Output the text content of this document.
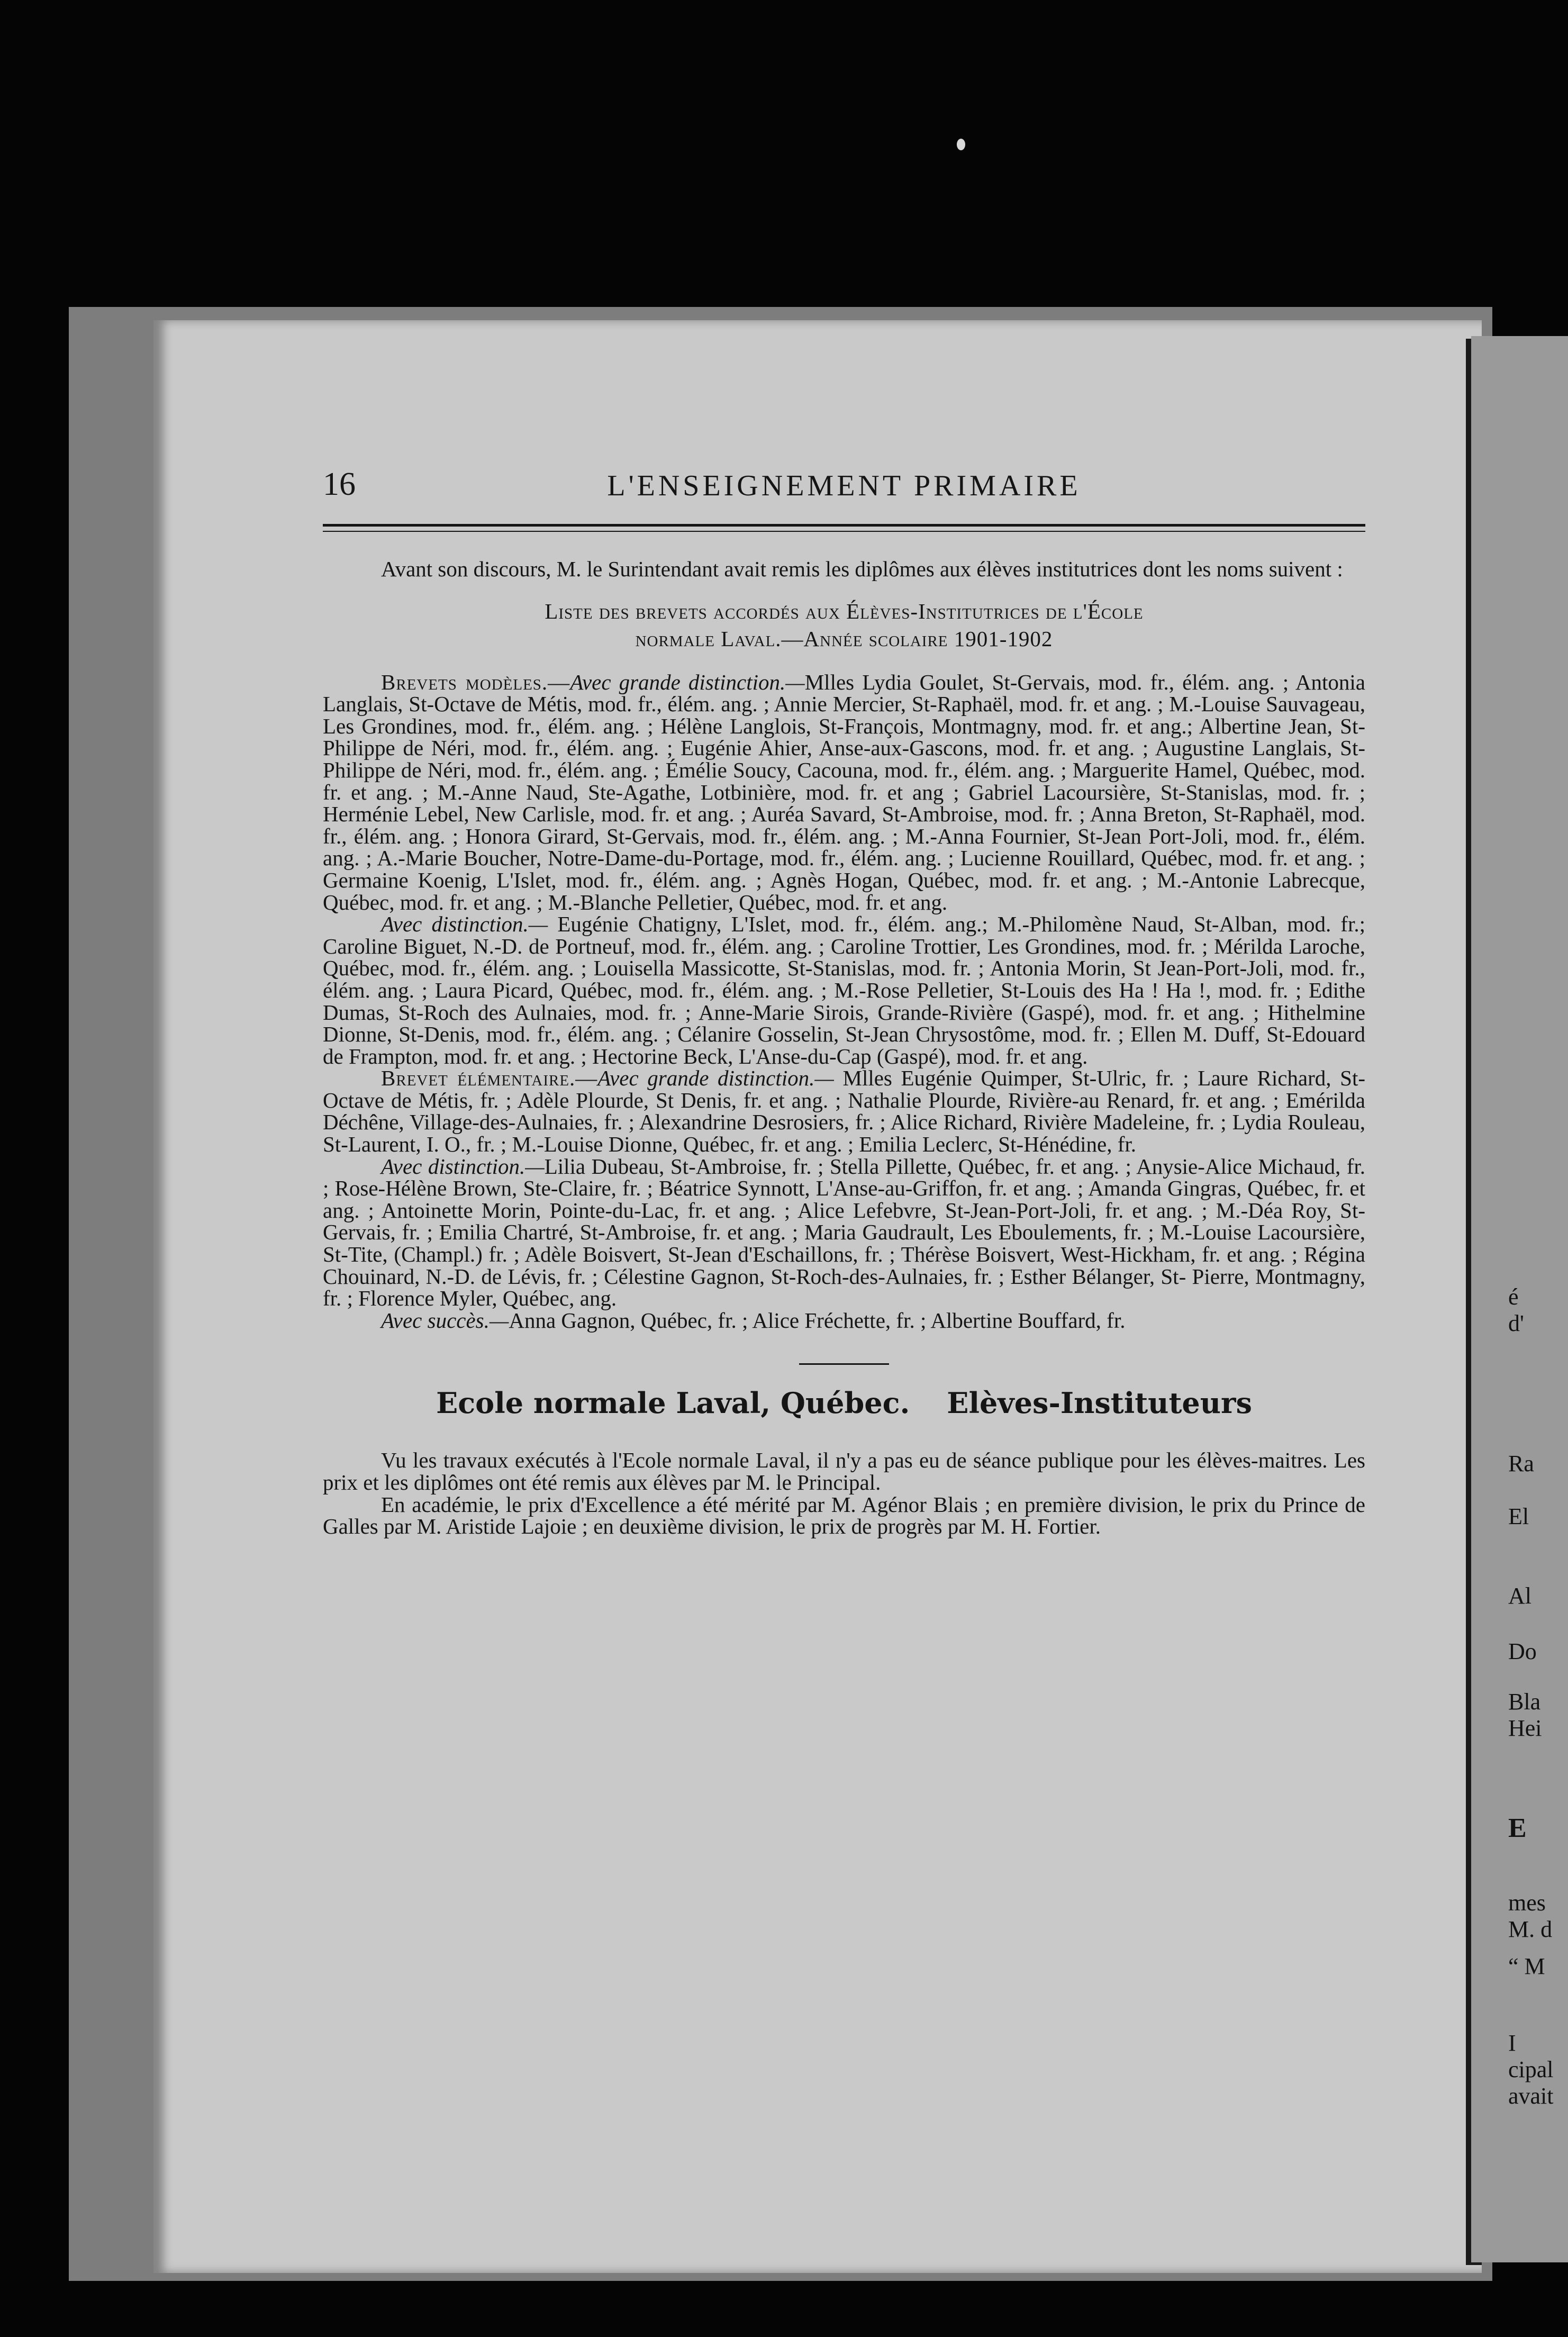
é
d'
Ra
El
Al
Do
Bla
Hei
E
mes
M. d
“ M
I
cipal
avait
16	L'ENSEIGNEMENT PRIMAIRE

Avant son discours, M. le Surintendant avait remis les diplômes aux élèves institutrices dont les noms suivent :

Liste des brevets accordés aux Élèves-Institutrices de l'École
normale Laval.—Année scolaire 1901-1902

Brevets modèles.—Avec grande distinction.—Mlles Lydia Goulet, St-Gervais, mod. fr., élém. ang. ; Antonia Langlais, St-Octave de Métis, mod. fr., élém. ang. ; Annie Mercier, St-Raphaël, mod. fr. et ang. ; M.-Louise Sauvageau, Les Grondines, mod. fr., élém. ang. ; Hélène Langlois, St-François, Montmagny, mod. fr. et ang.; Albertine Jean, St-Philippe de Néri, mod. fr., élém. ang. ; Eugénie Ahier, Anse-aux-Gascons, mod. fr. et ang. ; Augustine Langlais, St-Philippe de Néri, mod. fr., élém. ang. ; Émélie Soucy, Cacouna, mod. fr., élém. ang. ; Marguerite Hamel, Québec, mod. fr. et ang. ; M.-Anne Naud, Ste-Agathe, Lotbinière, mod. fr. et ang ; Gabriel Lacoursière, St-Stanislas, mod. fr. ; Herménie Lebel, New Carlisle, mod. fr. et ang. ; Auréa Savard, St-Ambroise, mod. fr. ; Anna Breton, St-Raphaël, mod. fr., élém. ang. ; Honora Girard, St-Gervais, mod. fr., élém. ang. ; M.-Anna Fournier, St-Jean Port-Joli, mod. fr., élém. ang. ; A.-Marie Boucher, Notre-Dame-du-Portage, mod. fr., élém. ang. ; Lucienne Rouillard, Québec, mod. fr. et ang. ; Germaine Koenig, L'Islet, mod. fr., élém. ang. ; Agnès Hogan, Québec, mod. fr. et ang. ; M.-Antonie Labrecque, Québec, mod. fr. et ang. ; M.-Blanche Pelletier, Québec, mod. fr. et ang.

Avec distinction.— Eugénie Chatigny, L'Islet, mod. fr., élém. ang.; M.-Philomène Naud, St-Alban, mod. fr.; Caroline Biguet, N.-D. de Portneuf, mod. fr., élém. ang. ; Caroline Trottier, Les Grondines, mod. fr. ; Mérilda Laroche, Québec, mod. fr., élém. ang. ; Louisella Massicotte, St-Stanislas, mod. fr. ; Antonia Morin, St Jean-Port-Joli, mod. fr., élém. ang. ; Laura Picard, Québec, mod. fr., élém. ang. ; M.-Rose Pelletier, St-Louis des Ha ! Ha !, mod. fr. ; Edithe Dumas, St-Roch des Aulnaies, mod. fr. ; Anne-Marie Sirois, Grande-Rivière (Gaspé), mod. fr. et ang. ; Hithelmine Dionne, St-Denis, mod. fr., élém. ang. ; Célanire Gosselin, St-Jean Chrysostôme, mod. fr. ; Ellen M. Duff, St-Edouard de Frampton, mod. fr. et ang. ; Hectorine Beck, L'Anse-du-Cap (Gaspé), mod. fr. et ang.

Brevet élémentaire.—Avec grande distinction.— Mlles Eugénie Quimper, St-Ulric, fr. ; Laure Richard, St-Octave de Métis, fr. ; Adèle Plourde, St Denis, fr. et ang. ; Nathalie Plourde, Rivière-au Renard, fr. et ang. ; Emérilda Déchêne, Village-des-Aulnaies, fr. ; Alexandrine Desrosiers, fr. ; Alice Richard, Rivière Madeleine, fr. ; Lydia Rouleau, St-Laurent, I. O., fr. ; M.-Louise Dionne, Québec, fr. et ang. ; Emilia Leclerc, St-Hénédine, fr.

Avec distinction.—Lilia Dubeau, St-Ambroise, fr. ; Stella Pillette, Québec, fr. et ang. ; Anysie-Alice Michaud, fr. ; Rose-Hélène Brown, Ste-Claire, fr. ; Béatrice Synnott, L'Anse-au-Griffon, fr. et ang. ; Amanda Gingras, Québec, fr. et ang. ; Antoinette Morin, Pointe-du-Lac, fr. et ang. ; Alice Lefebvre, St-Jean-Port-Joli, fr. et ang. ; M.-Déa Roy, St-Gervais, fr. ; Emilia Chartré, St-Ambroise, fr. et ang. ; Maria Gaudrault, Les Eboulements, fr. ; M.-Louise Lacoursière, St-Tite, (Champl.) fr. ; Adèle Boisvert, St-Jean d'Eschaillons, fr. ; Thérèse Boisvert, West-Hickham, fr. et ang. ; Régina Chouinard, N.-D. de Lévis, fr. ; Célestine Gagnon, St-Roch-des-Aulnaies, fr. ; Esther Bélanger, St- Pierre, Montmagny, fr. ; Florence Myler, Québec, ang.

Avec succès.—Anna Gagnon, Québec, fr. ; Alice Fréchette, fr. ; Albertine Bouffard, fr.

Ecole normale Laval, Québec. Elèves-Instituteurs

Vu les travaux exécutés à l'Ecole normale Laval, il n'y a pas eu de séance publique pour les élèves-maitres. Les prix et les diplômes ont été remis aux élèves par M. le Principal.

En académie, le prix d'Excellence a été mérité par M. Agénor Blais ; en première division, le prix du Prince de Galles par M. Aristide Lajoie ; en deuxième division, le prix de progrès par M. H. Fortier.
